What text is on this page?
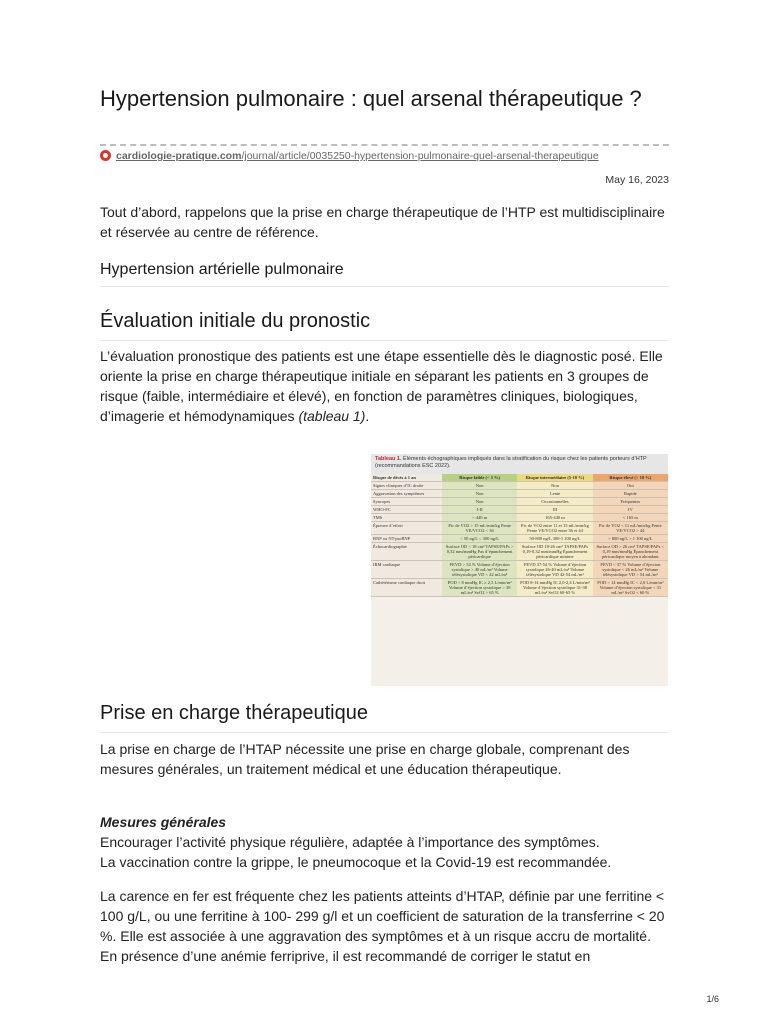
Hypertension pulmonaire : quel arsenal thérapeutique ?
cardiologie-pratique.com/journal/article/0035250-hypertension-pulmonaire-quel-arsenal-therapeutique
May 16, 2023

Tout d’abord, rappelons que la prise en charge thérapeutique de l’HTP est multidisciplinaire et réservée au centre de référence.

Hypertension artérielle pulmonaire
Évaluation initiale du pronostic

L’évaluation pronostique des patients est une étape essentielle dès le diagnostic posé. Elle oriente la prise en charge thérapeutique initiale en séparant les patients en 3 groupes de risque (faible, intermédiaire et élevé), en fonction de paramètres cliniques, biologiques, d’imagerie et hémodynamiques (tableau 1).

Prise en charge thérapeutique

La prise en charge de l’HTAP nécessite une prise en charge globale, comprenant des mesures générales, un traitement médical et une éducation thérapeutique.

Mesures générales
Encourager l’activité physique régulière, adaptée à l’importance des symptômes.
La vaccination contre la grippe, le pneumocoque et la Covid-19 est recommandée.

La carence en fer est fréquente chez les patients atteints d’HTAP, définie par une ferritine < 100 g/L, ou une ferritine à 100- 299 g/l et un coefficient de saturation de la transferrine < 20 %. Elle est associée à une aggravation des symptômes et à un risque accru de mortalité. En présence d’une anémie ferriprive, il est recommandé de corriger le statut en

Tableau 1. Éléments échographiques impliqués dans la stratification du risque chez les patients porteurs d’HTP (recommandations ESC 2022).
Risque de décès à 1 an	Risque faible (< 5 %)	Risque intermédiaire (5-10 %)	Risque élevé (> 10 %)
Signes cliniques d’IC droite	Non	Non	Oui
Aggravation des symptômes	Non	Lente	Rapide
Syncopes	Non	Occasionnelles	Fréquentes
WHO-FC	I-II	III	IV
TM6	> 440 m	165-440 m	< 165 m
Épreuve d’effort	Pic de VO2 > 15 mL/min/kg Pente VE/VCO2 < 36	Pic de VO2 entre 11 et 15 mL/min/kg Pente VE/VCO2 entre 36 et 44	Pic de VO2 < 11 mL/min/kg Pente VE/VCO2 > 44
BNP ou NT-proBNP	< 50 ng/L < 300 ng/L	50-800 ng/L 300-1 100 ng/L	> 800 ng/L > 1 100 ng/L
Échocardiographie	Surface OD < 18 cm² TAPSE/PAPs > 0,32 mm/mmHg Pas d’épanchement péricardique	Surface OD 18-26 cm² TAPSE/PAPs 0,19-0,32 mm/mmHg Épanchement péricardique minime	Surface OD > 26 cm² TAPSE/PAPs < 0,19 mm/mmHg Épanchement péricardique moyen à abondant
IRM cardiaque	FEVD > 54 % Volume d’éjection systolique > 40 mL/m² Volume télésystolique VD < 42 mL/m²	FEVD 37-54 % Volume d’éjection systolique 26-40 mL/m² Volume télésystolique VD 42-54 mL/m²	FEVD < 37 % Volume d’éjection systolique < 26 mL/m² Volume télésystolique VD > 54 mL/m²
Cathétérisme cardiaque droit	POD < 8 mmHg IC ≥ 2,5 L/min/m² Volume d’éjection systolique > 38 mL/m² SvO2 > 65 %	POD 8-14 mmHg IC 2,0-2,4 L/min/m² Volume d’éjection systolique 31-38 mL/m² SvO2 60-65 %	POD > 14 mmHg IC < 2,0 L/min/m² Volume d’éjection systolique < 31 mL/m² SvO2 < 60 %
1/6
